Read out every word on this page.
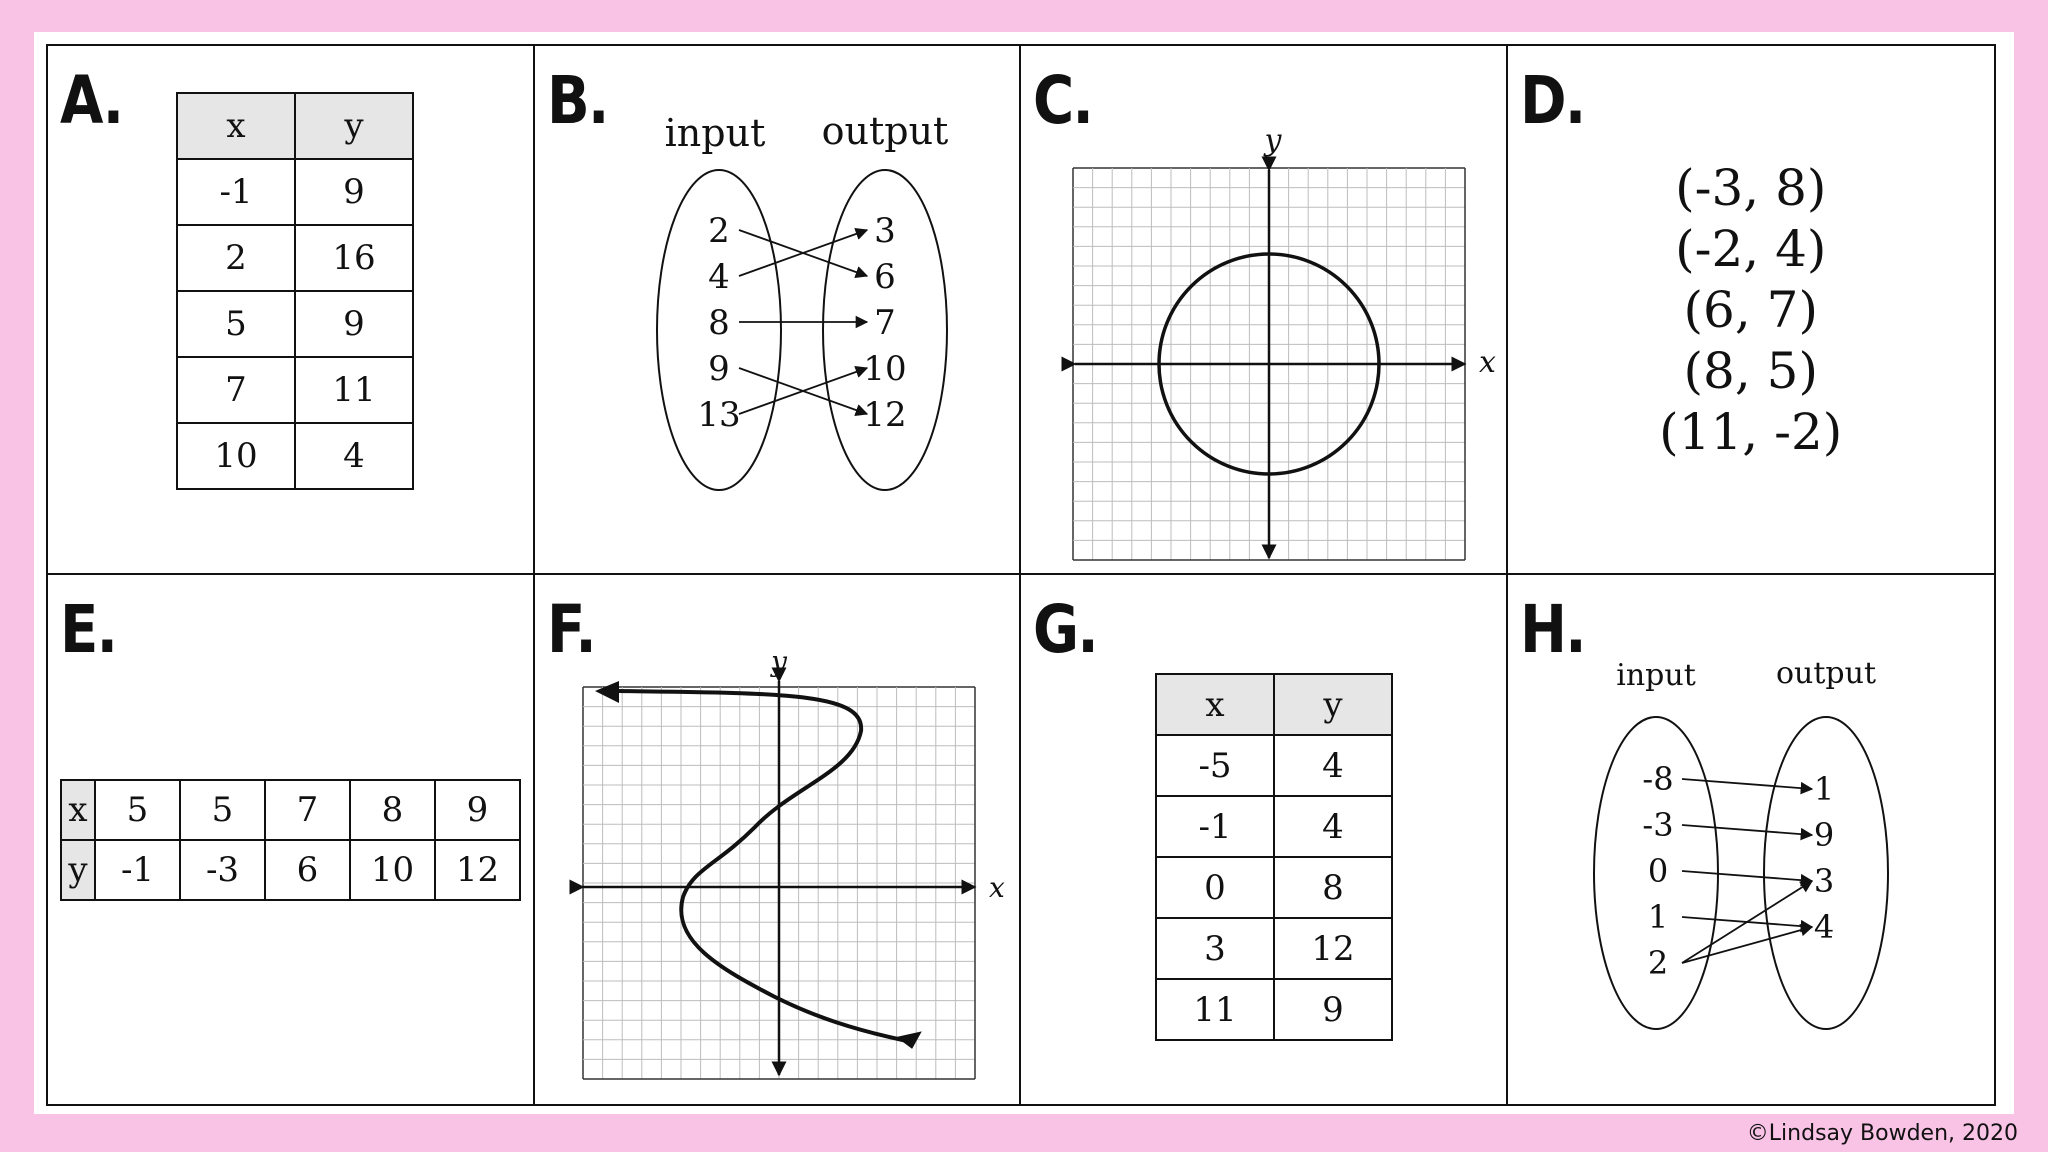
A.	x	y
-1	9
2	16
5	9
7	11
10	4
B. input output
2
4
8
9
13
3
6
7
10
12
C.
x
y
D.
(-3, 8)
(-2, 4)
(6, 7)
(8, 5)
(11, -2)
E.
x	5	5	7	8	9
y	-1	-3	6	10	12
F.
x
y	G.
x	y
-5	4
-1	4
0	8
3	12
11	9
H.
input	output
-8
-3
0
1
2
1
9
3
4
©Lindsay Bowden, 2020
